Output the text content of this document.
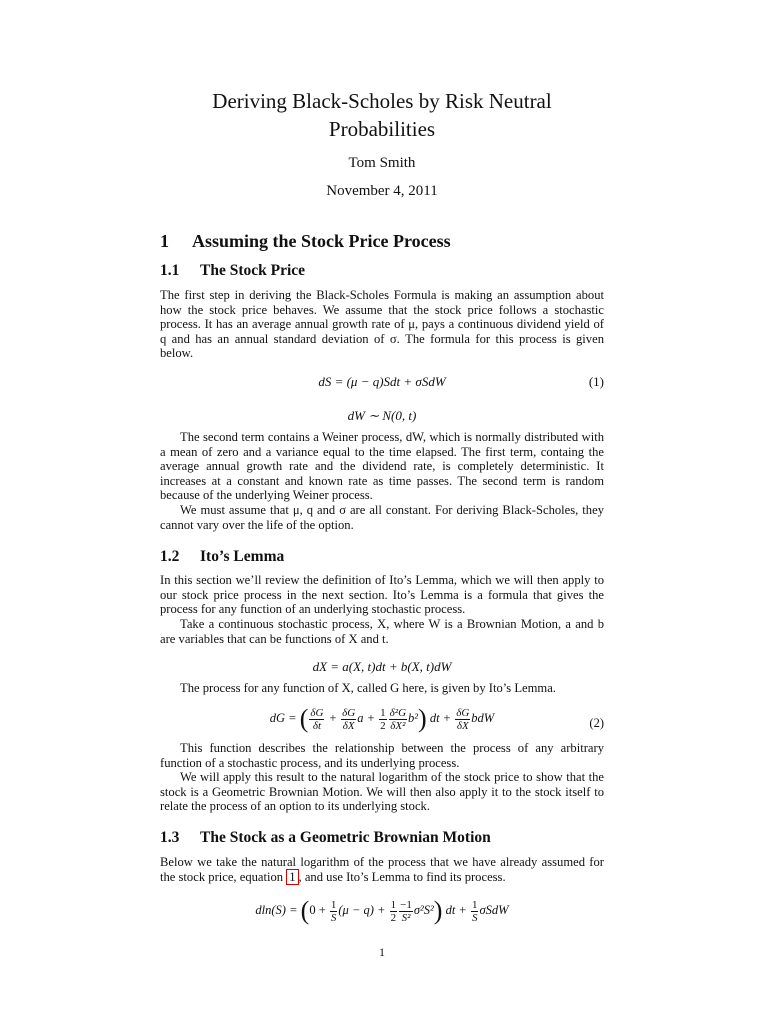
Deriving Black-Scholes by Risk Neutral Probabilities
Tom Smith
November 4, 2011
1 Assuming the Stock Price Process
1.1 The Stock Price
The first step in deriving the Black-Scholes Formula is making an assumption about how the stock price behaves. We assume that the stock price follows a stochastic process. It has an average annual growth rate of μ, pays a continuous dividend yield of q and has an annual standard deviation of σ. The formula for this process is given below.
dS = (μ − q)Sdt + σSdW	(1)
dW ∼ N(0, t)
The second term contains a Weiner process, dW, which is normally distributed with a mean of zero and a variance equal to the time elapsed. The first term, containg the average annual growth rate and the dividend rate, is completely deterministic. It increases at a constant and known rate as time passes. The second term is random because of the underlying Weiner process.
We must assume that μ, q and σ are all constant. For deriving Black-Scholes, they cannot vary over the life of the option.
1.2 Ito’s Lemma
In this section we’ll review the definition of Ito’s Lemma, which we will then apply to our stock price process in the next section. Ito’s Lemma is a formula that gives the process for any function of an underlying stochastic process.
Take a continuous stochastic process, X, where W is a Brownian Motion, a and b are variables that can be functions of X and t.
dX = a(X, t)dt + b(X, t)dW
The process for any function of X, called G here, is given by Ito’s Lemma.
dG = ( $\frac{\delta G}{\delta t} + \frac{\delta G}{\delta X}$ $a + \frac{1}{2} \frac{\text{δ²G}}{\text{δX²}} b^2$) dt + $\frac{\delta G}{\delta X}$ bdW	(2)
This function describes the relationship between the process of any arbitrary function of a stochastic process, and its underlying process.
We will apply this result to the natural logarithm of the stock price to show that the stock is a Geometric Brownian Motion. We will then also apply it to the stock itself to relate the process of an option to its underlying stock.
1.3 The Stock as a Geometric Brownian Motion
Below we take the natural logarithm of the process that we have already assumed for the stock price, equation 1 , and use Ito’s Lemma to find its process.
$dln(S) = (0 + \frac{1}{S} (\mu - q) + \frac{1}{2} \frac{-1}{\text{S²}} \sigma^2S^2)$ dt + $\frac{1}{S}$ σSdW
1
